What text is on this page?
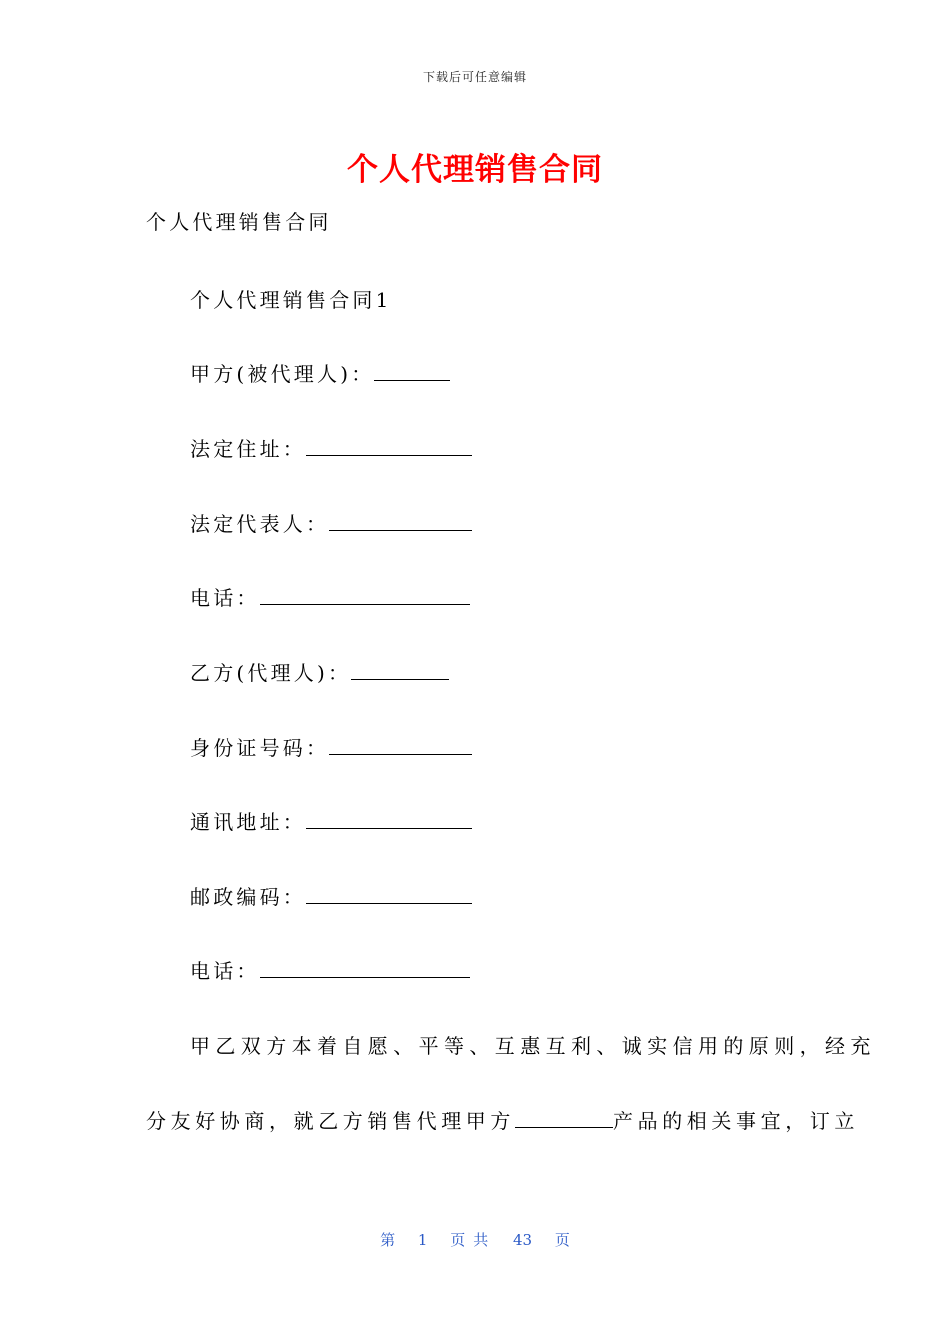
下载后可任意编辑
个人代理销售合同
个人代理销售合同
个人代理销售合同1
甲方(被代理人)：
法定住址：
法定代表人：
电话：
乙方(代理人)：
身份证号码：
通讯地址：
邮政编码：
电话：
甲乙双方本着自愿、平等、互惠互利、诚实信用的原则，经充
分友好协商，就乙方销售代理甲方	产品的相关事宜，订立
第 1 页共 43 页
